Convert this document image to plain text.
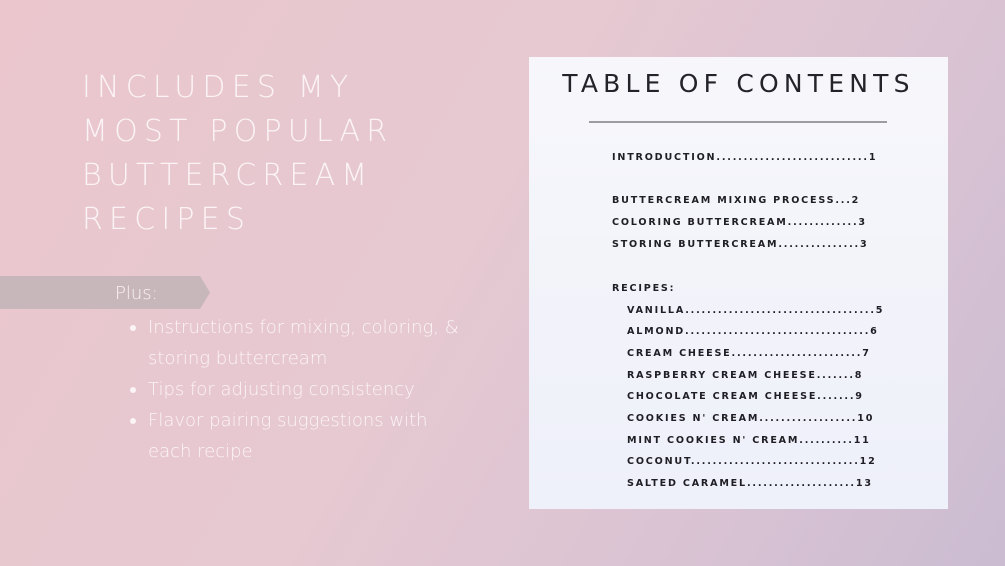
INCLUDES MY
MOST POPULAR
BUTTERCREAM
RECIPES
Plus:
Instructions for mixing, coloring, & storing buttercream
Tips for adjusting consistency
Flavor pairing suggestions with each recipe
TABLE OF CONTENTS
INTRODUCTION............................1
BUTTERCREAM MIXING PROCESS...2
COLORING BUTTERCREAM.............3
STORING BUTTERCREAM...............3
RECIPES:
VANILLA...................................5
ALMOND..................................6
CREAM CHEESE........................7
RASPBERRY CREAM CHEESE.......8
CHOCOLATE CREAM CHEESE.......9
COOKIES N' CREAM..................10
MINT COOKIES N' CREAM..........11
COCONUT...............................12
SALTED CARAMEL....................13
